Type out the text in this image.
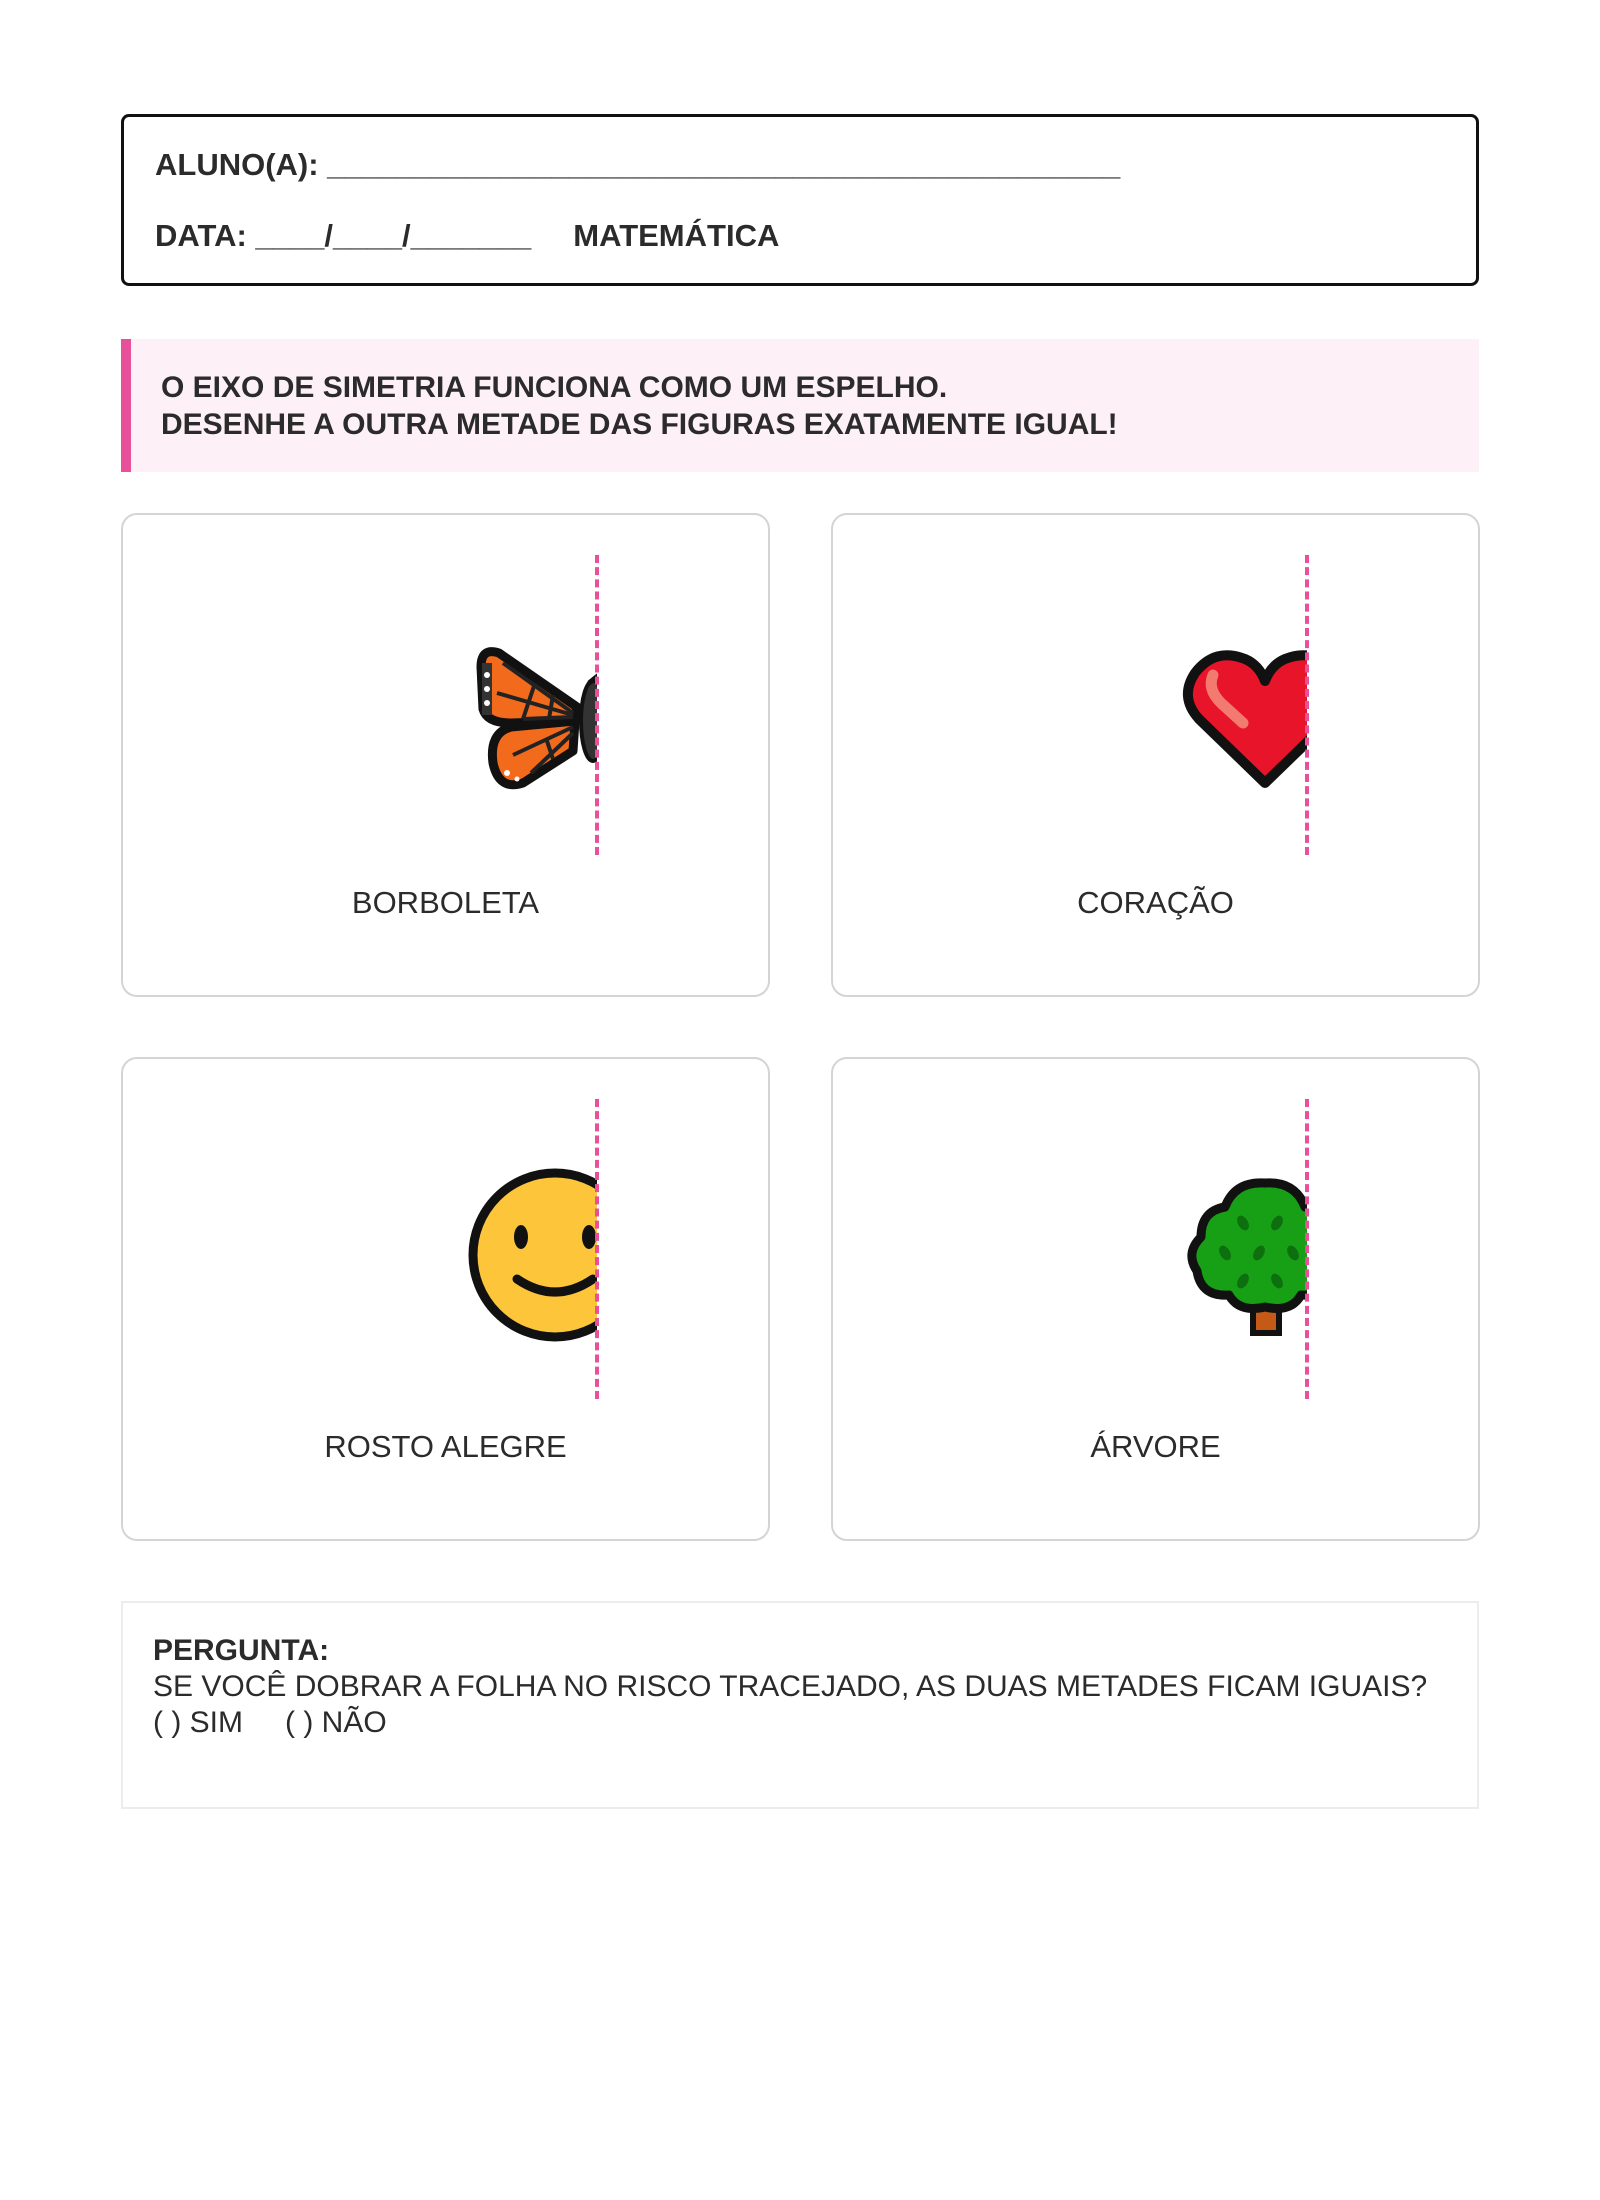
ALUNO(A): ______________________________________________
DATA: ____/____/_______ MATEMÁTICA
O EIXO DE SIMETRIA FUNCIONA COMO UM ESPELHO.
DESENHE A OUTRA METADE DAS FIGURAS EXATAMENTE IGUAL!
BORBOLETA	CORAÇÃO
ROSTO ALEGRE	ÁRVORE
PERGUNTA:
SE VOCÊ DOBRAR A FOLHA NO RISCO TRACEJADO, AS DUAS METADES FICAM IGUAIS?
( ) SIM ( ) NÃO
